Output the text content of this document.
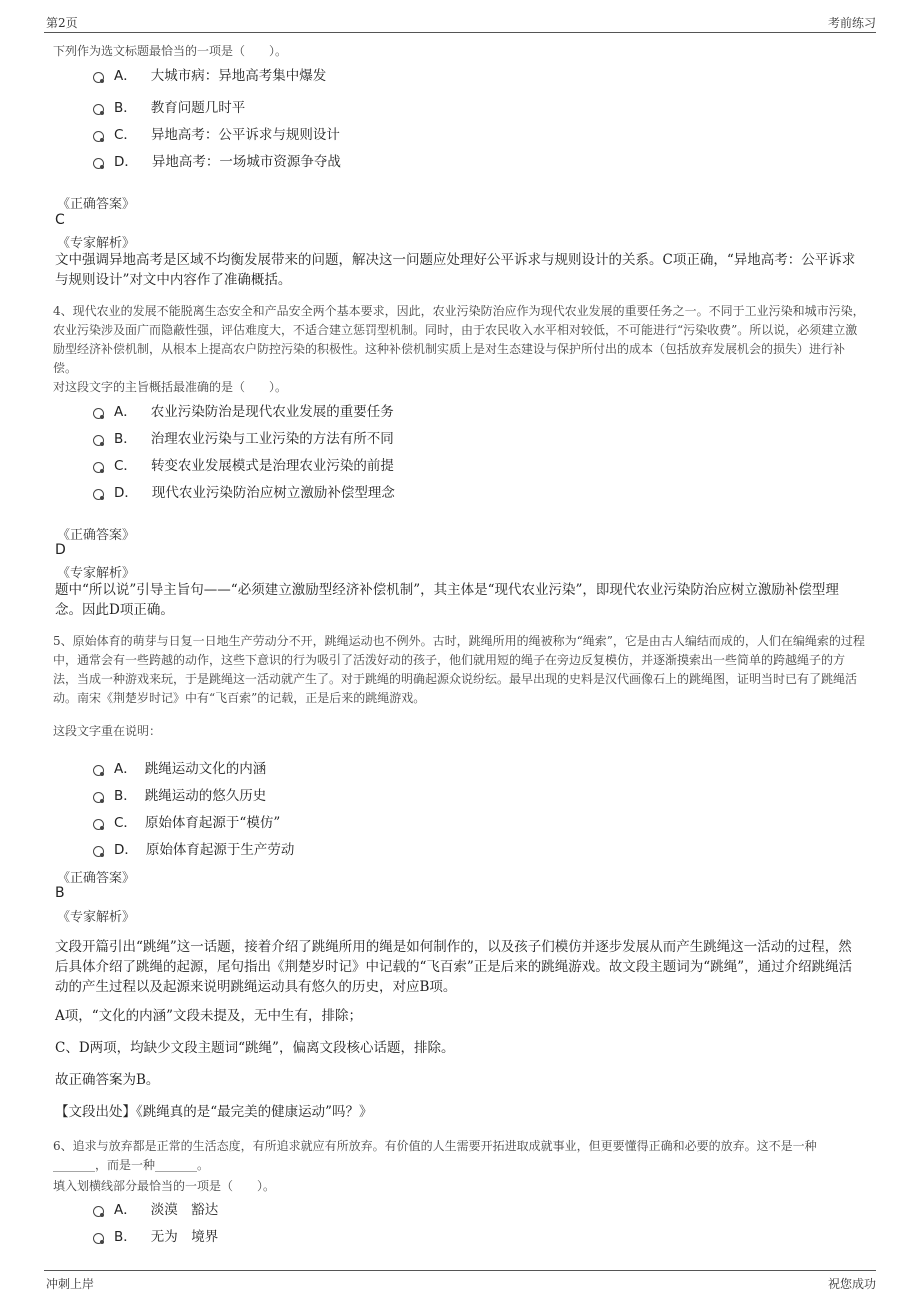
第2页	考前练习
下列作为选文标题最恰当的一项是（　　）。
A． 大城市病：异地高考集中爆发
B． 教育问题几时平
C． 异地高考：公平诉求与规则设计
D． 异地高考：一场城市资源争夺战
《正确答案》
C
《专家解析》
文中强调异地高考是区域不均衡发展带来的问题，解决这一问题应处理好公平诉求与规则设计的关系。C项正确，“异地高考：公平诉求与规则设计”对文中内容作了准确概括。
4、现代农业的发展不能脱离生态安全和产品安全两个基本要求，因此，农业污染防治应作为现代农业发展的重要任务之一。不同于工业污染和城市污染，农业污染涉及面广而隐蔽性强，评估难度大，不适合建立惩罚型机制。同时，由于农民收入水平相对较低，不可能进行“污染收费”。所以说，必须建立激励型经济补偿机制，从根本上提高农户防控污染的积极性。这种补偿机制实质上是对生态建设与保护所付出的成本（包括放弃发展机会的损失）进行补偿。
对这段文字的主旨概括最准确的是（　　）。
A． 农业污染防治是现代农业发展的重要任务
B． 治理农业污染与工业污染的方法有所不同
C． 转变农业发展模式是治理农业污染的前提
D． 现代农业污染防治应树立激励补偿型理念
《正确答案》
D
《专家解析》
题中“所以说”引导主旨句——“必须建立激励型经济补偿机制”，其主体是“现代农业污染”，即现代农业污染防治应树立激励补偿型理念。因此D项正确。
5、原始体育的萌芽与日复一日地生产劳动分不开，跳绳运动也不例外。古时，跳绳所用的绳被称为“绳索”，它是由古人编结而成的，人们在编绳索的过程中，通常会有一些跨越的动作，这些下意识的行为吸引了活泼好动的孩子，他们就用短的绳子在旁边反复模仿，并逐渐摸索出一些简单的跨越绳子的方法，当成一种游戏来玩，于是跳绳这一活动就产生了。对于跳绳的明确起源众说纷纭。最早出现的史料是汉代画像石上的跳绳图，证明当时已有了跳绳活动。南宋《荆楚岁时记》中有“飞百索”的记载，正是后来的跳绳游戏。
这段文字重在说明：
A． 跳绳运动文化的内涵
B． 跳绳运动的悠久历史
C． 原始体育起源于“模仿”
D． 原始体育起源于生产劳动
《正确答案》
B
《专家解析》
文段开篇引出“跳绳”这一话题，接着介绍了跳绳所用的绳是如何制作的，以及孩子们模仿并逐步发展从而产生跳绳这一活动的过程，然后具体介绍了跳绳的起源，尾句指出《荆楚岁时记》中记载的“飞百索”正是后来的跳绳游戏。故文段主题词为“跳绳”，通过介绍跳绳活动的产生过程以及起源来说明跳绳运动具有悠久的历史，对应B项。
A项，“文化的内涵”文段未提及，无中生有，排除；
C、D两项，均缺少文段主题词“跳绳”，偏离文段核心话题，排除。
故正确答案为B。
【文段出处】《跳绳真的是“最完美的健康运动”吗？》
6、追求与放弃都是正常的生活态度，有所追求就应有所放弃。有价值的人生需要开拓进取成就事业，但更要懂得正确和必要的放弃。这不是一种_______，而是一种_______。
填入划横线部分最恰当的一项是（　　）。
A． 淡漠　豁达
B． 无为　境界
冲刺上岸	祝您成功
